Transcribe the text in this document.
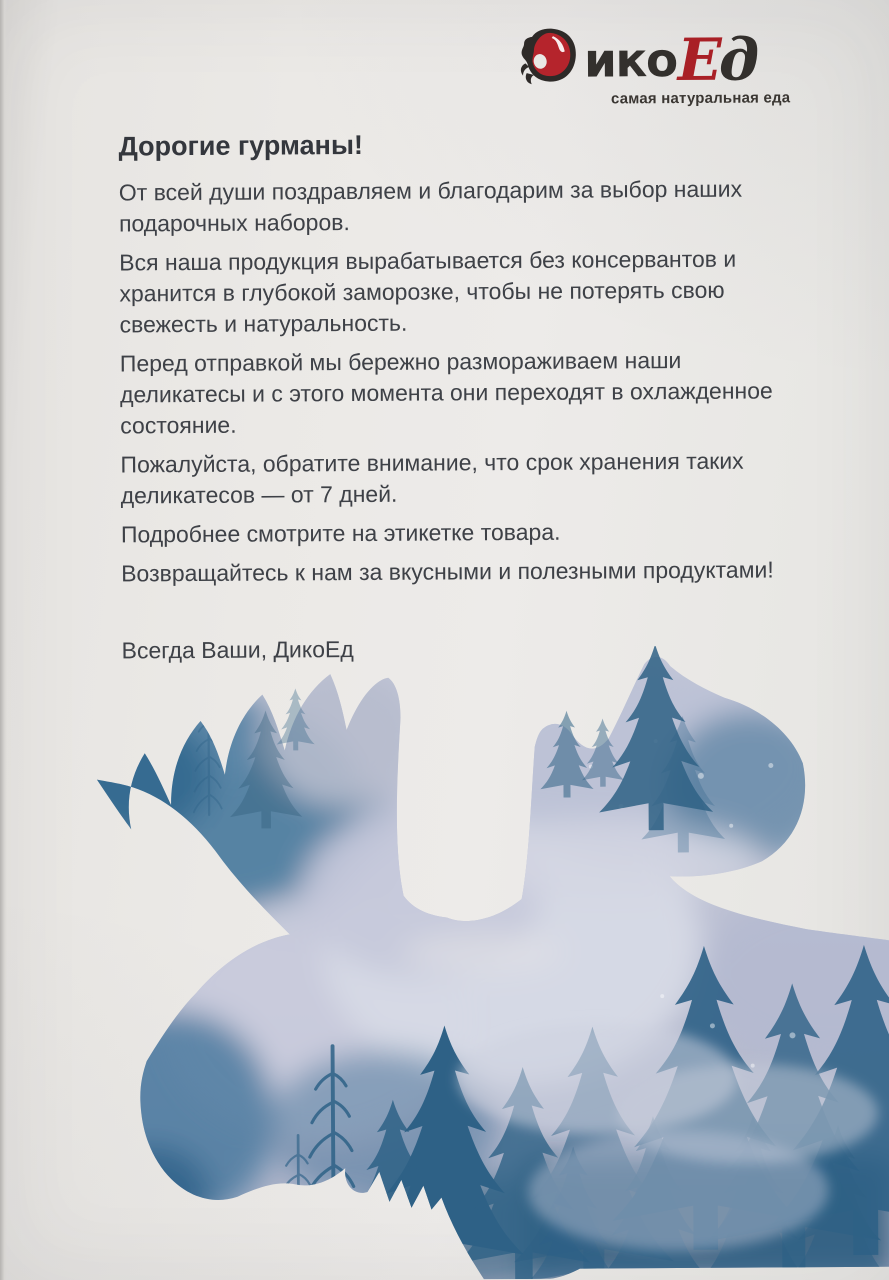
ико Е
д
самая натуральная еда
Дорогие гурманы!

От всей души поздравляем и благодарим за выбор наших
подарочных наборов.

Вся наша продукция вырабатывается без консервантов и
хранится в глубокой заморозке, чтобы не потерять свою
свежесть и натуральность.

Перед отправкой мы бережно размораживаем наши
деликатесы и с этого момента они переходят в охлажденное
состояние.

Пожалуйста, обратите внимание, что срок хранения таких
деликатесов — от 7 дней.

Подробнее смотрите на этикетке товара.

Возвращайтесь к нам за вкусными и полезными продуктами!

Всегда Ваши, ДикоЕд
